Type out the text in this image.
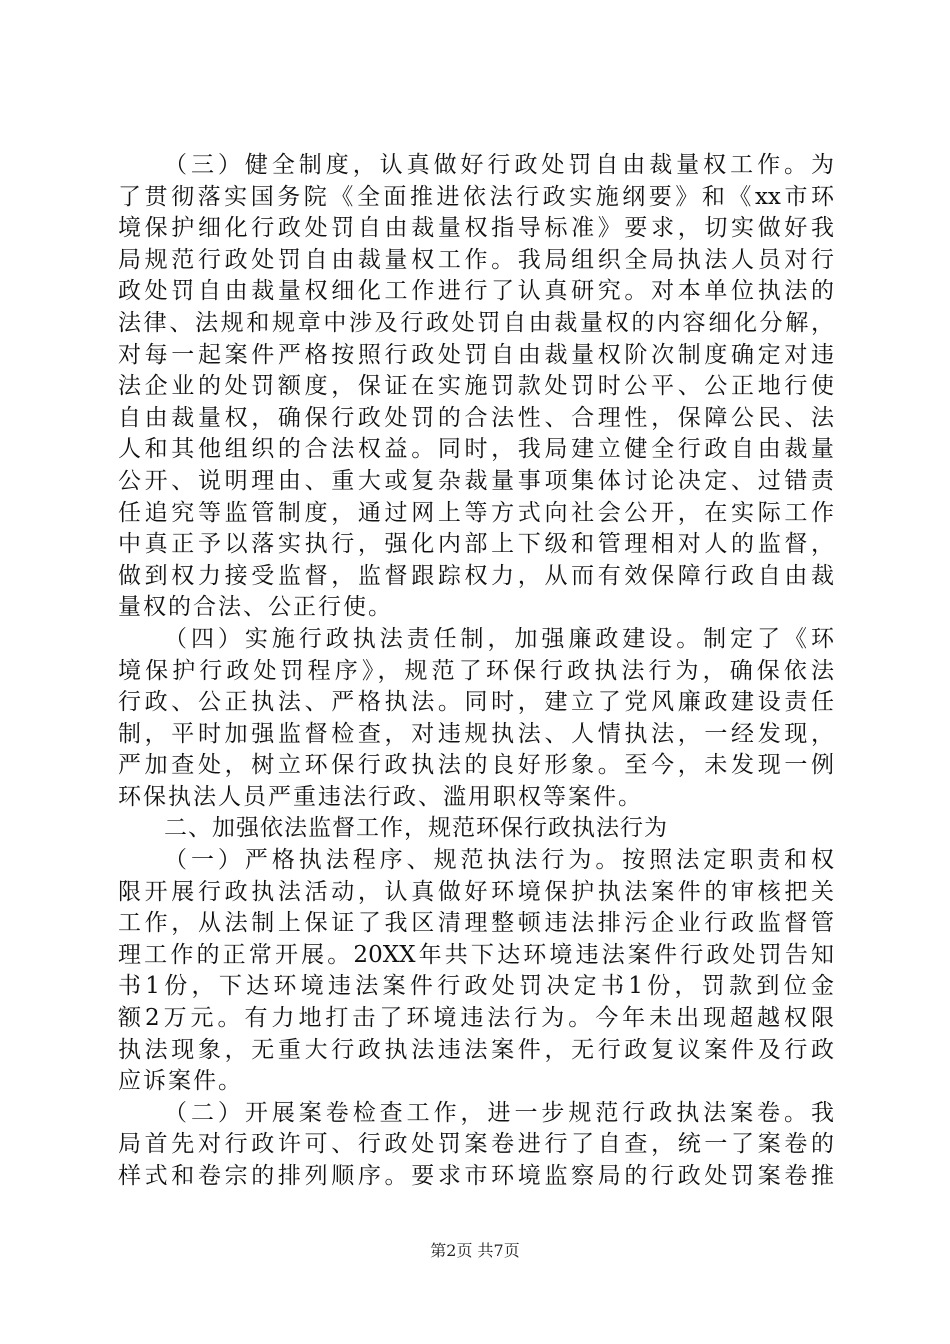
（三）健全制度，认真做好行政处罚自由裁量权工作。为
了贯彻落实国务院《全面推进依法行政实施纲要》和《xx市环
境保护细化行政处罚自由裁量权指导标准》要求，切实做好我
局规范行政处罚自由裁量权工作。我局组织全局执法人员对行
政处罚自由裁量权细化工作进行了认真研究。对本单位执法的
法律、法规和规章中涉及行政处罚自由裁量权的内容细化分解，
对每一起案件严格按照行政处罚自由裁量权阶次制度确定对违
法企业的处罚额度，保证在实施罚款处罚时公平、公正地行使
自由裁量权，确保行政处罚的合法性、合理性，保障公民、法
人和其他组织的合法权益。同时，我局建立健全行政自由裁量
公开、说明理由、重大或复杂裁量事项集体讨论决定、过错责
任追究等监管制度，通过网上等方式向社会公开，在实际工作
中真正予以落实执行，强化内部上下级和管理相对人的监督，
做到权力接受监督，监督跟踪权力，从而有效保障行政自由裁
量权的合法、公正行使。
（四）实施行政执法责任制，加强廉政建设。制定了《环
境保护行政处罚程序》，规范了环保行政执法行为，确保依法
行政、公正执法、严格执法。同时，建立了党风廉政建设责任
制，平时加强监督检查，对违规执法、人情执法，一经发现，
严加查处，树立环保行政执法的良好形象。至今，未发现一例
环保执法人员严重违法行政、滥用职权等案件。
二、加强依法监督工作，规范环保行政执法行为
（一）严格执法程序、规范执法行为。按照法定职责和权
限开展行政执法活动，认真做好环境保护执法案件的审核把关
工作，从法制上保证了我区清理整顿违法排污企业行政监督管
理工作的正常开展。20XX年共下达环境违法案件行政处罚告知
书1份，下达环境违法案件行政处罚决定书1份，罚款到位金
额2万元。有力地打击了环境违法行为。今年未出现超越权限
执法现象，无重大行政执法违法案件，无行政复议案件及行政
应诉案件。
（二）开展案卷检查工作，进一步规范行政执法案卷。我
局首先对行政许可、行政处罚案卷进行了自查，统一了案卷的
样式和卷宗的排列顺序。要求市环境监察局的行政处罚案卷推
第2页 共7页
